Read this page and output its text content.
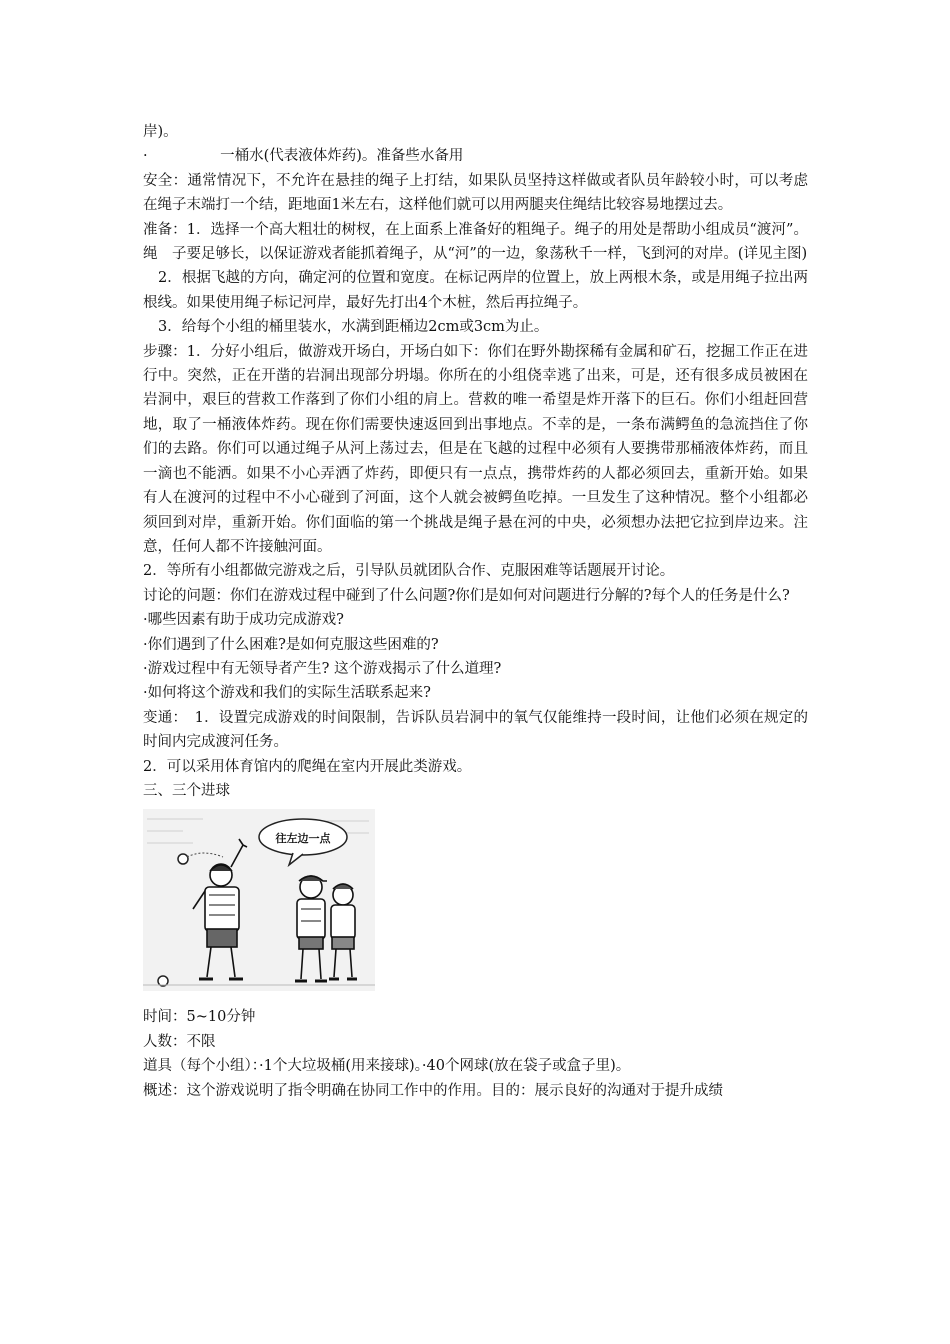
岸)。

·　　　　　一桶水(代表液体炸药)。准备些水备用

安全：通常情况下，不允许在悬挂的绳子上打结，如果队员坚持这样做或者队员年龄较小时，可以考虑在绳子末端打一个结，距地面1米左右，这样他们就可以用两腿夹住绳结比较容易地摆过去。

准备：1．选择一个高大粗壮的树杈，在上面系上准备好的粗绳子。绳子的用处是帮助小组成员“渡河”。绳　子要足够长，以保证游戏者能抓着绳子，从“河”的一边，象荡秋千一样，飞到河的对岸。(详见主图)

2．根据飞越的方向，确定河的位置和宽度。在标记两岸的位置上，放上两根木条，或是用绳子拉出两根线。如果使用绳子标记河岸，最好先打出4个木桩，然后再拉绳子。

3．给每个小组的桶里装水，水满到距桶边2cm或3cm为止。

步骤：1．分好小组后，做游戏开场白，开场白如下：你们在野外勘探稀有金属和矿石，挖掘工作正在进行中。突然，正在开凿的岩洞出现部分坍塌。你所在的小组侥幸逃了出来，可是，还有很多成员被困在岩洞中，艰巨的营救工作落到了你们小组的肩上。营救的唯一希望是炸开落下的巨石。你们小组赶回营地，取了一桶液体炸药。现在你们需要快速返回到出事地点。不幸的是，一条布满鳄鱼的急流挡住了你们的去路。你们可以通过绳子从河上荡过去，但是在飞越的过程中必须有人要携带那桶液体炸药，而且一滴也不能洒。如果不小心弄洒了炸药，即便只有一点点，携带炸药的人都必须回去，重新开始。如果有人在渡河的过程中不小心碰到了河面，这个人就会被鳄鱼吃掉。一旦发生了这种情况。整个小组都必须回到对岸，重新开始。你们面临的第一个挑战是绳子悬在河的中央，必须想办法把它拉到岸边来。注意，任何人都不许接触河面。

2．等所有小组都做完游戏之后，引导队员就团队合作、克服困难等话题展开讨论。

讨论的问题：你们在游戏过程中碰到了什么问题?你们是如何对问题进行分解的?每个人的任务是什么?

·哪些因素有助于成功完成游戏?

·你们遇到了什么困难?是如何克服这些困难的?

·游戏过程中有无领导者产生? 这个游戏揭示了什么道理?

·如何将这个游戏和我们的实际生活联系起来?

变通：　1．设置完成游戏的时间限制，告诉队员岩洞中的氧气仅能维持一段时间，让他们必须在规定的时间内完成渡河任务。

2．可以采用体育馆内的爬绳在室内开展此类游戏。

三、三个进球

往左边一点

时间：5~10分钟

人数：不限

道具（每个小组）：·1个大垃圾桶(用来接球)。·40个网球(放在袋子或盒子里)。

概述：这个游戏说明了指令明确在协同工作中的作用。目的：展示良好的沟通对于提升成绩
